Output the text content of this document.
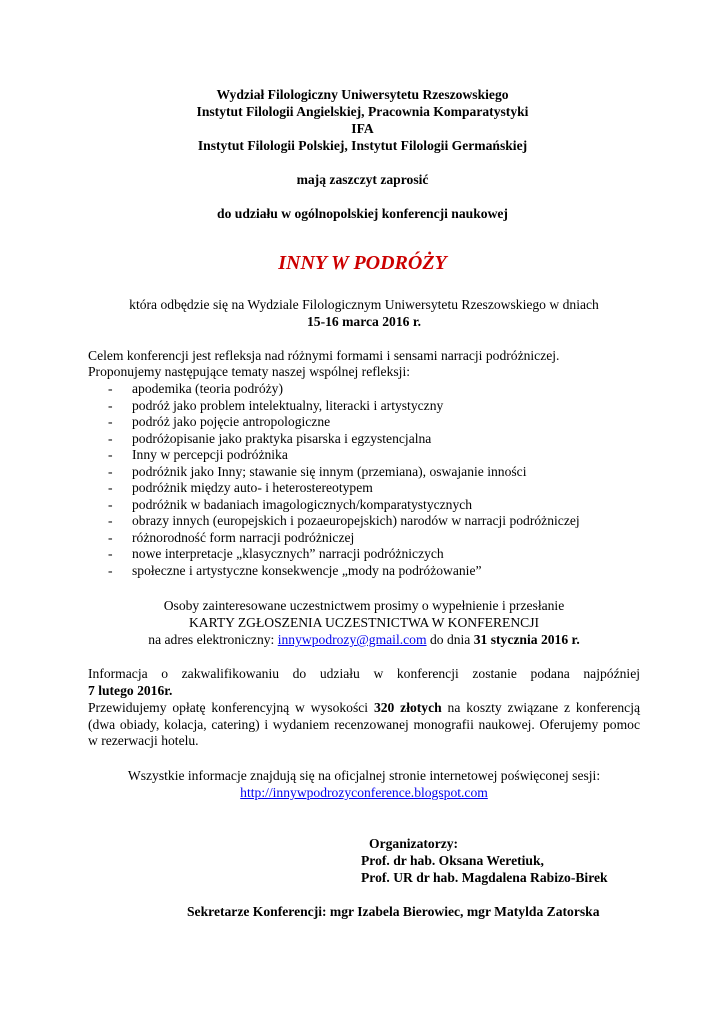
Wydział Filologiczny Uniwersytetu Rzeszowskiego
Instytut Filologii Angielskiej, Pracownia Komparatystyki
IFA
Instytut Filologii Polskiej, Instytut Filologii Germańskiej
mają zaszczyt zaprosić
do udziału w ogólnopolskiej konferencji naukowej
INNY W PODRÓŻY
która odbędzie się na Wydziale Filologicznym Uniwersytetu Rzeszowskiego w dniach
15-16 marca 2016 r.
Celem konferencji jest refleksja nad różnymi formami i sensami narracji podróżniczej.
Proponujemy następujące tematy naszej wspólnej refleksji:
- apodemika (teoria podróży)
- podróż jako problem intelektualny, literacki i artystyczny
- podróż jako pojęcie antropologiczne
- podróżopisanie jako praktyka pisarska i egzystencjalna
- Inny w percepcji podróżnika
- podróżnik jako Inny; stawanie się innym (przemiana), oswajanie inności
- podróżnik między auto- i heterostereotypem
- podróżnik w badaniach imagologicznych/komparatystycznych
- obrazy innych (europejskich i pozaeuropejskich) narodów w narracji podróżniczej
- różnorodność form narracji podróżniczej
- nowe interpretacje „klasycznych” narracji podróżniczych
- społeczne i artystyczne konsekwencje „mody na podróżowanie”
Osoby zainteresowane uczestnictwem prosimy o wypełnienie i przesłanie
KARTY ZGŁOSZENIA UCZESTNICTWA W KONFERENCJI
na adres elektroniczny: innywpodrozy@gmail.com do dnia 31 stycznia 2016 r.
Informacja o zakwalifikowaniu do udziału w konferencji zostanie podana najpóźniej
7 lutego 2016r.
Przewidujemy opłatę konferencyjną w wysokości 320 złotych na koszty związane z konferencją (dwa obiady, kolacja, catering) i wydaniem recenzowanej monografii naukowej. Oferujemy pomoc w rezerwacji hotelu.
Wszystkie informacje znajdują się na oficjalnej stronie internetowej poświęconej sesji:
http://innywpodrozyconference.blogspot.com
Organizatorzy:
Prof. dr hab. Oksana Weretiuk,
Prof. UR dr hab. Magdalena Rabizo-Birek
Sekretarze Konferencji: mgr Izabela Bierowiec, mgr Matylda Zatorska
